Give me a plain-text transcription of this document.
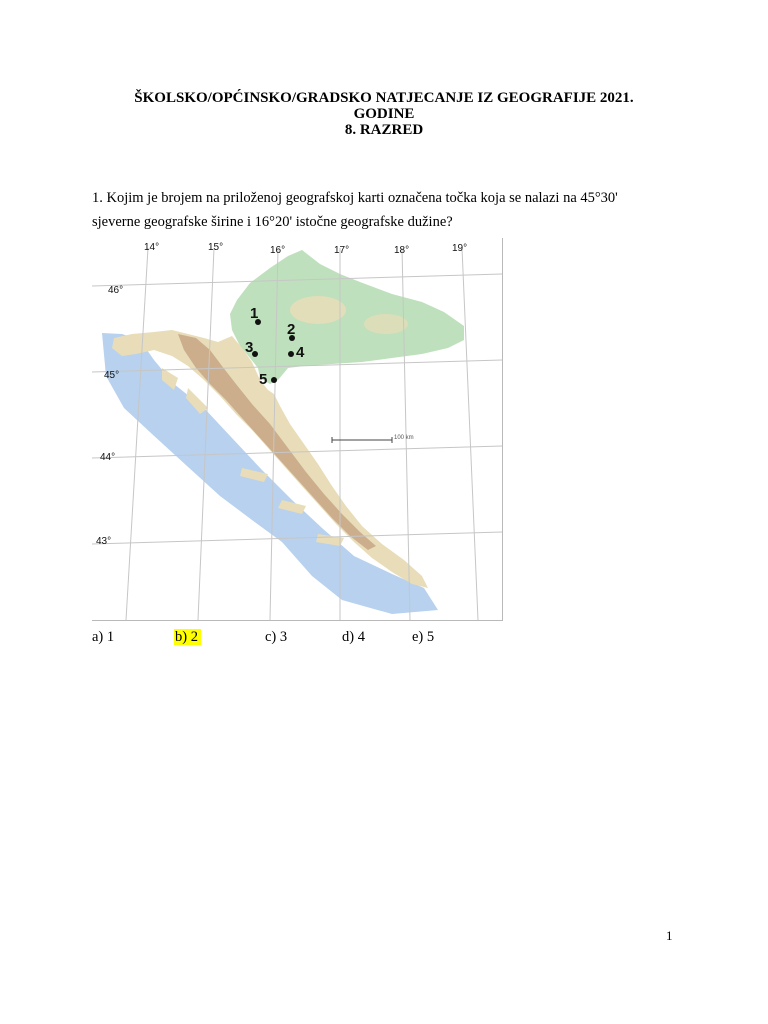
ŠKOLSKO/OPĆINSKO/GRADSKO NATJECANJE IZ GEOGRAFIJE 2021.
GODINE
8. RAZRED
1. Kojim je brojem na priloženoj geografskoj karti označena točka koja se nalazi na 45°30'
sjeverne geografske širine i 16°20' istočne geografske dužine?
14°	15°	16°	17°	18°	19°
46°
45°
44°
43°
100 km
1
2
3	4
5
a) 1	b) 2	c) 3	d) 4	e) 5
1
